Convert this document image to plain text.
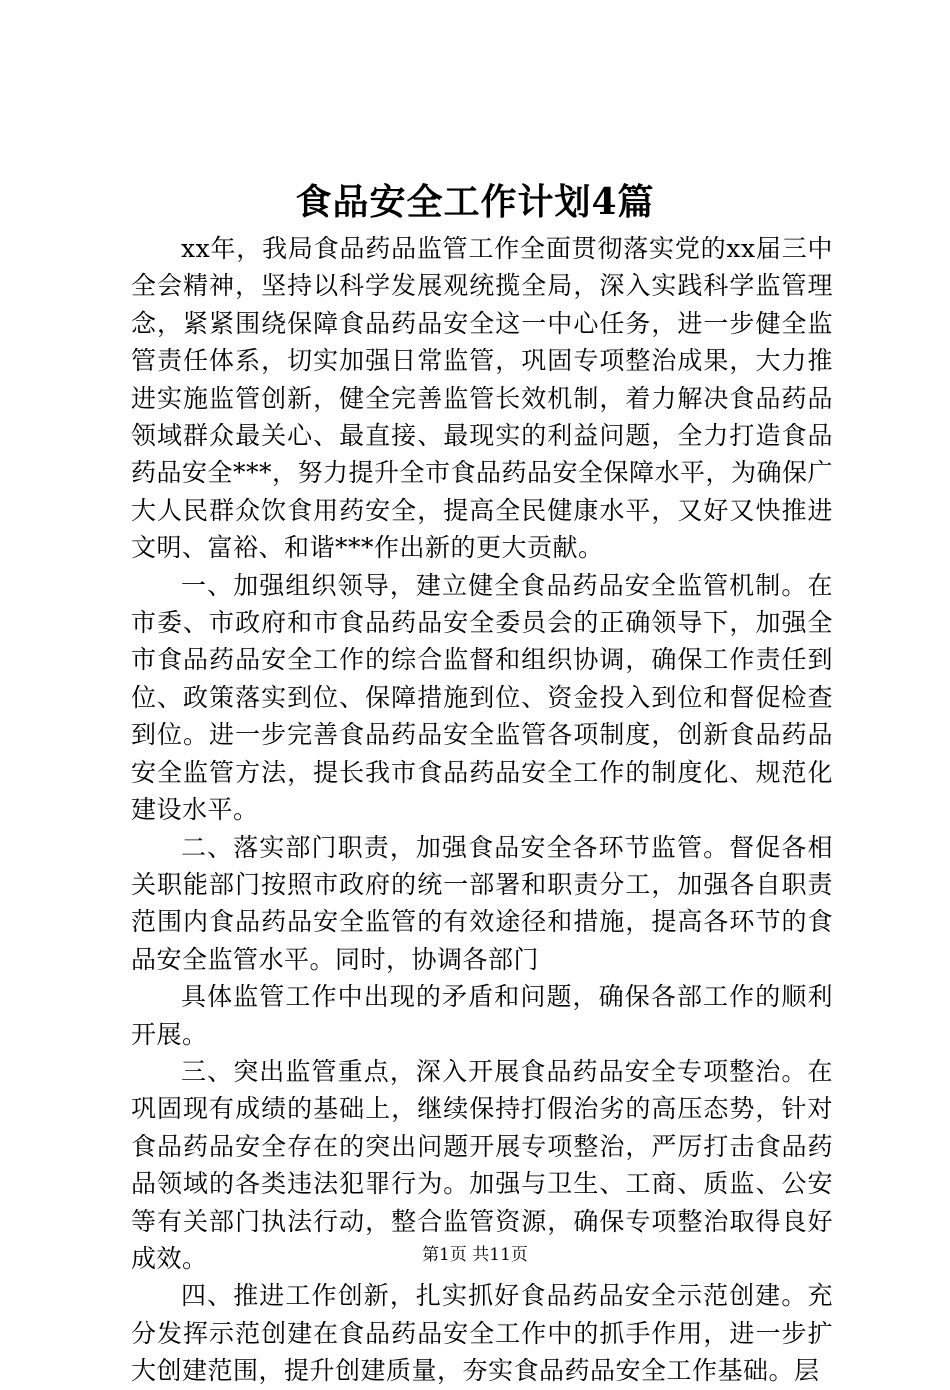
食品安全工作计划4篇

xx年，我局食品药品监管工作全面贯彻落实党的xx届三中全会精神，坚持以科学发展观统揽全局，深入实践科学监管理念，紧紧围绕保障食品药品安全这一中心任务，进一步健全监管责任体系，切实加强日常监管，巩固专项整治成果，大力推进实施监管创新，健全完善监管长效机制，着力解决食品药品领域群众最关心、最直接、最现实的利益问题，全力打造食品药品安全***，努力提升全市食品药品安全保障水平，为确保广大人民群众饮食用药安全，提高全民健康水平，又好又快推进文明、富裕、和谐***作出新的更大贡献。

一、加强组织领导，建立健全食品药品安全监管机制。在市委、市政府和市食品药品安全委员会的正确领导下，加强全市食品药品安全工作的综合监督和组织协调，确保工作责任到位、政策落实到位、保障措施到位、资金投入到位和督促检查到位。进一步完善食品药品安全监管各项制度，创新食品药品安全监管方法，提长我市食品药品安全工作的制度化、规范化建设水平。

二、落实部门职责，加强食品安全各环节监管。督促各相关职能部门按照市政府的统一部署和职责分工，加强各自职责范围内食品药品安全监管的有效途径和措施，提高各环节的食品安全监管水平。同时，协调各部门

具体监管工作中出现的矛盾和问题，确保各部工作的顺利开展。

三、突出监管重点，深入开展食品药品安全专项整治。在巩固现有成绩的基础上，继续保持打假治劣的高压态势，针对食品药品安全存在的突出问题开展专项整治，严厉打击食品药品领域的各类违法犯罪行为。加强与卫生、工商、质监、公安等有关部门执法行动，整合监管资源，确保专项整治取得良好成效。

四、推进工作创新，扎实抓好食品药品安全示范创建。充分发挥示范创建在食品药品安全工作中的抓手作用，进一步扩大创建范围，提升创建质量，夯实食品药品安全工作基础。层

第1页 共11页
